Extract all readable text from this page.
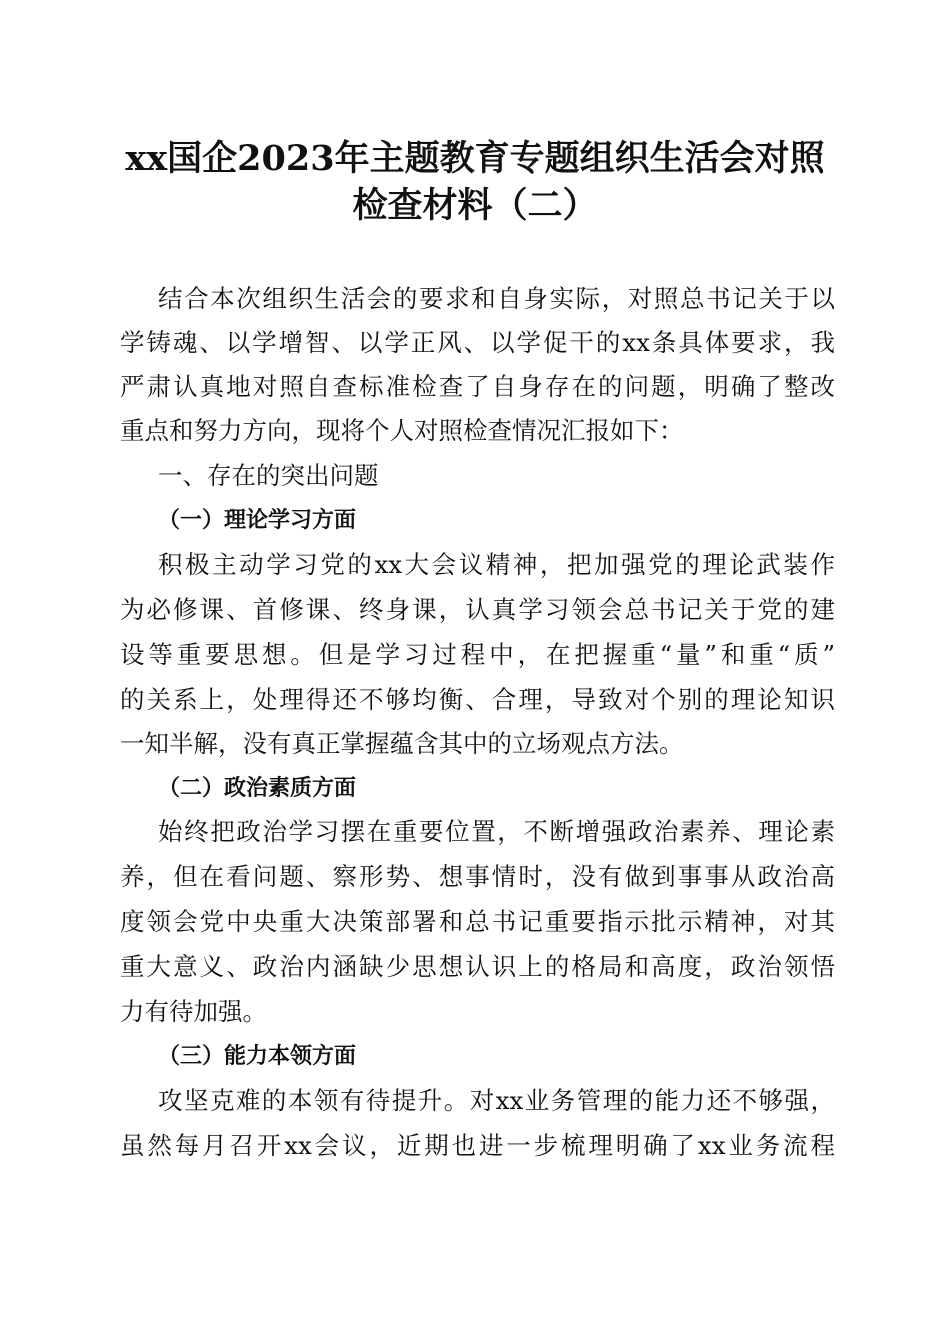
xx国企2023年主题教育专题组织生活会对照
检查材料（二）
结合本次组织生活会的要求和自身实际，对照总书记关于以
学铸魂、以学增智、以学正风、以学促干的xx条具体要求，我
严肃认真地对照自查标准检查了自身存在的问题，明确了整改
重点和努力方向，现将个人对照检查情况汇报如下：
一、存在的突出问题
（一）理论学习方面
积极主动学习党的xx大会议精神，把加强党的理论武装作
为必修课、首修课、终身课，认真学习领会总书记关于党的建
设等重要思想。但是学习过程中，在把握重“量”和重“质”
的关系上，处理得还不够均衡、合理，导致对个别的理论知识
一知半解，没有真正掌握蕴含其中的立场观点方法。
（二）政治素质方面
始终把政治学习摆在重要位置，不断增强政治素养、理论素
养，但在看问题、察形势、想事情时，没有做到事事从政治高
度领会党中央重大决策部署和总书记重要指示批示精神，对其
重大意义、政治内涵缺少思想认识上的格局和高度，政治领悟
力有待加强。
（三）能力本领方面
攻坚克难的本领有待提升。对xx业务管理的能力还不够强，
虽然每月召开xx会议，近期也进一步梳理明确了xx业务流程
